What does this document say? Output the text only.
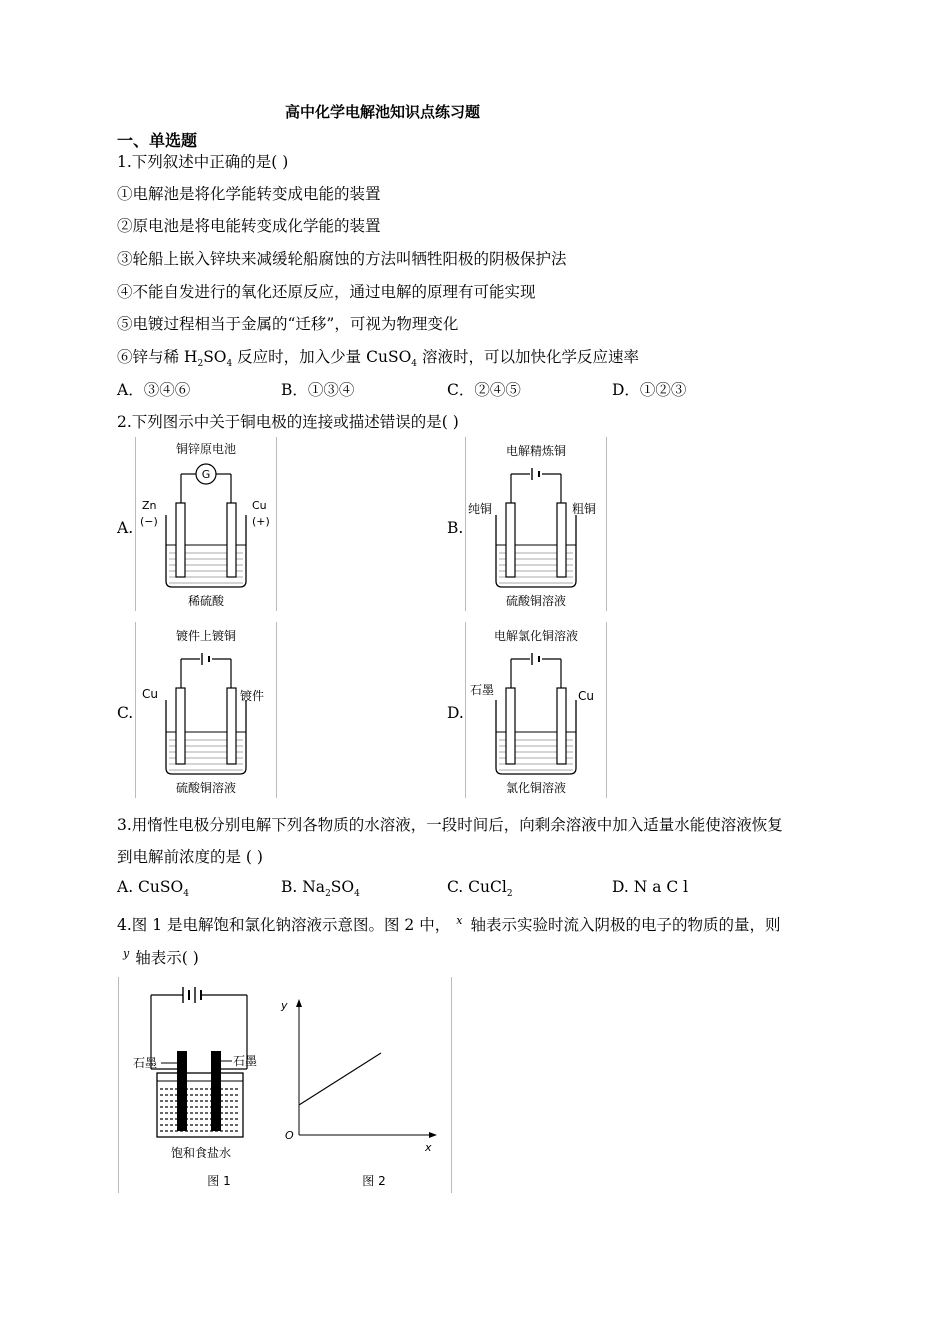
高中化学电解池知识点练习题
一、单选题
1.下列叙述中正确的是( )
①电解池是将化学能转变成电能的装置
②原电池是将电能转变成化学能的装置
③轮船上嵌入锌块来减缓轮船腐蚀的方法叫牺牲阳极的阴极保护法
④不能自发进行的氧化还原反应，通过电解的原理有可能实现
⑤电镀过程相当于金属的“迁移”，可视为物理变化
⑥锌与稀 $H_2SO_4$ 反应时，加入少量 CuSO$_4$ 溶液时，可以加快化学反应速率
A．③④⑥	B．①③④	C．②④⑤	D．①②③
2.下列图示中关于铜电极的连接或描述错误的是( )
A.	B.
C.	D.
铜锌原电池
G
Zn
(−)
Cu
(+)
稀硫酸
电解精炼铜
纯铜	粗铜
硫酸铜溶液
镀件上镀铜
Cu	镀件
硫酸铜溶液
电解氯化铜溶液
石墨	Cu
氯化铜溶液
3.用惰性电极分别电解下列各物质的水溶液，一段时间后，向剩余溶液中加入适量水能使溶液恢复
到电解前浓度的是 ( )
A. CuSO$_4$	B. $Na_2SO_4$	C. CuCl$_2$	D. N a C l
4.图 1 是电解饱和氯化钠溶液示意图。图 2 中， $^x$ 轴表示实验时流入阴极的电子的物质的量，则
$^y$ 轴表示( )
石墨	石墨
饱和食盐水
图 1
y
x
O
图 2
